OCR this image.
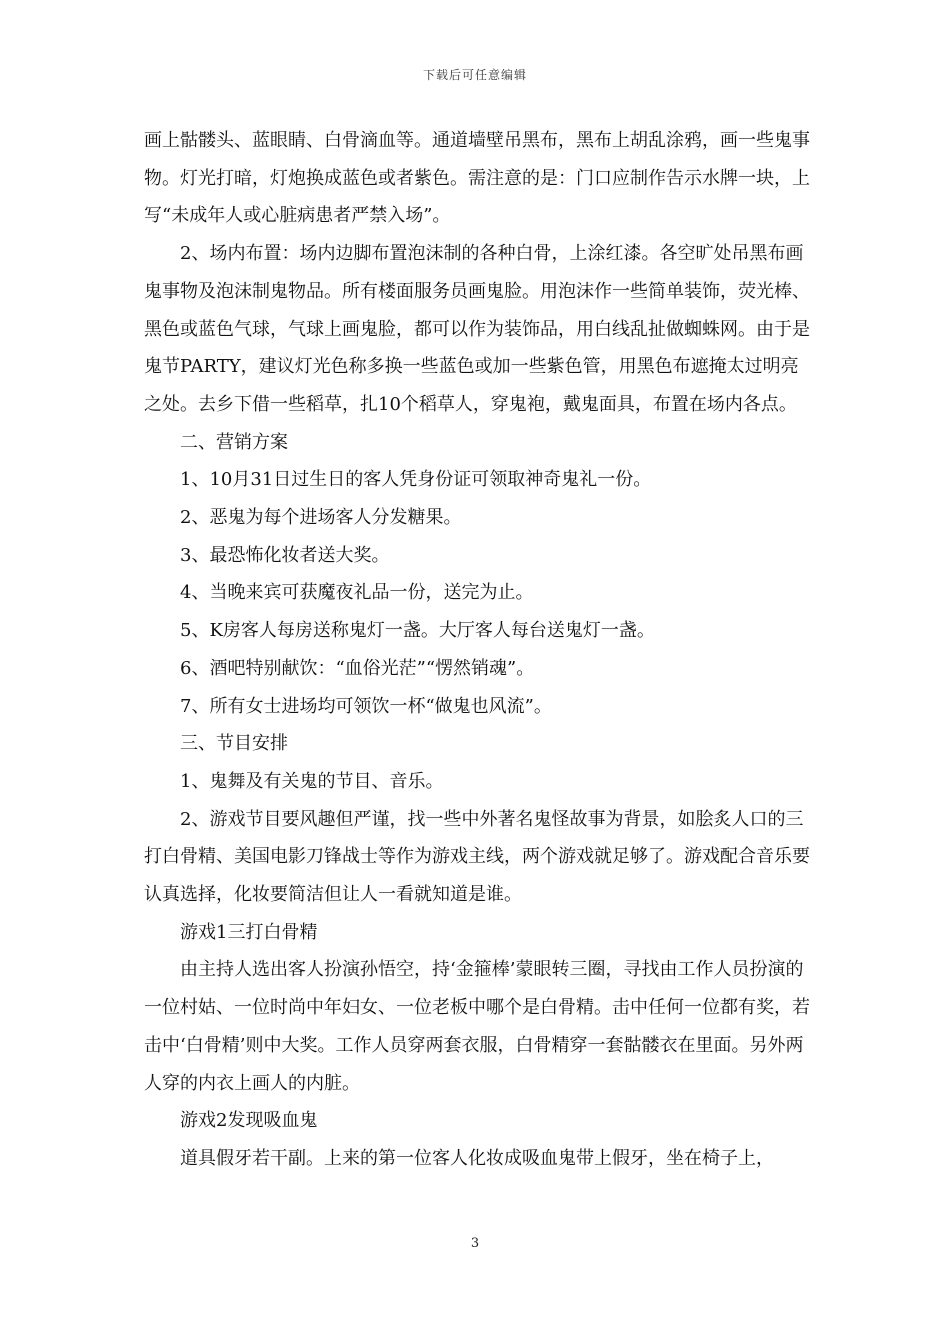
下载后可任意编辑

画上骷髅头、蓝眼睛、白骨滴血等。通道墙壁吊黑布，黑布上胡乱涂鸦，画一些鬼事物。灯光打暗，灯炮换成蓝色或者紫色。需注意的是：门口应制作告示水牌一块，上写“未成年人或心脏病患者严禁入场”。

2、场内布置：场内边脚布置泡沫制的各种白骨，上涂红漆。各空旷处吊黑布画鬼事物及泡沫制鬼物品。所有楼面服务员画鬼脸。用泡沫作一些简单装饰，荧光棒、黑色或蓝色气球，气球上画鬼脸，都可以作为装饰品，用白线乱扯做蜘蛛网。由于是鬼节PARTY，建议灯光色称多换一些蓝色或加一些紫色管，用黑色布遮掩太过明亮之处。去乡下借一些稻草，扎10个稻草人，穿鬼袍，戴鬼面具，布置在场内各点。

二、营销方案

1、10月31日过生日的客人凭身份证可领取神奇鬼礼一份。

2、恶鬼为每个进场客人分发糖果。

3、最恐怖化妆者送大奖。

4、当晚来宾可获魔夜礼品一份，送完为止。

5、K房客人每房送称鬼灯一盏。大厅客人每台送鬼灯一盏。

6、酒吧特别献饮：“血俗光茫”“愣然销魂”。

7、所有女士进场均可领饮一杯“做鬼也风流”。

三、节目安排

1、鬼舞及有关鬼的节目、音乐。

2、游戏节目要风趣但严谨，找一些中外著名鬼怪故事为背景，如脍炙人口的三打白骨精、美国电影刀锋战士等作为游戏主线，两个游戏就足够了。游戏配合音乐要认真选择，化妆要简洁但让人一看就知道是谁。

游戏1三打白骨精

由主持人选出客人扮演孙悟空，持‘金箍棒’蒙眼转三圈，寻找由工作人员扮演的一位村姑、一位时尚中年妇女、一位老板中哪个是白骨精。击中任何一位都有奖，若击中‘白骨精’则中大奖。工作人员穿两套衣服，白骨精穿一套骷髅衣在里面。另外两人穿的内衣上画人的内脏。

游戏2发现吸血鬼

道具假牙若干副。上来的第一位客人化妆成吸血鬼带上假牙，坐在椅子上，

3
